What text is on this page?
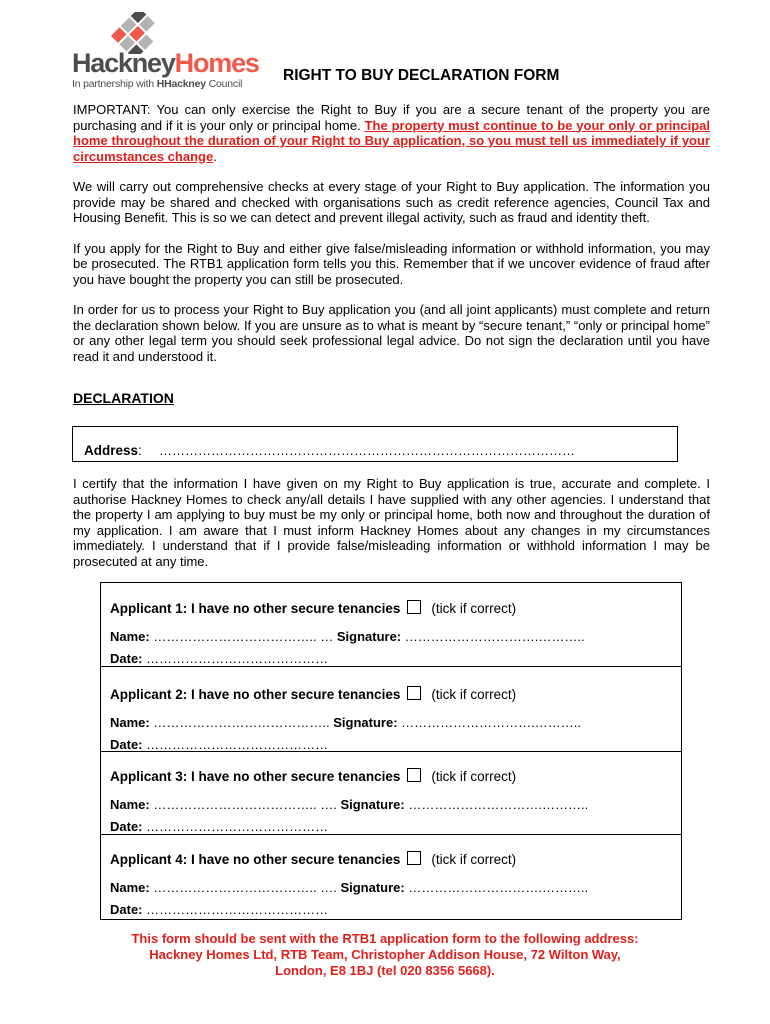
HackneyHomes
In partnership with HHackney Council	RIGHT TO BUY DECLARATION FORM

IMPORTANT: You can only exercise the Right to Buy if you are a secure tenant of the property you are purchasing and if it is your only or principal home. The property must continue to be your only or principal home throughout the duration of your Right to Buy application, so you must tell us immediately if your circumstances change.

We will carry out comprehensive checks at every stage of your Right to Buy application. The information you provide may be shared and checked with organisations such as credit reference agencies, Council Tax and Housing Benefit. This is so we can detect and prevent illegal activity, such as fraud and identity theft.

If you apply for the Right to Buy and either give false/misleading information or withhold information, you may be prosecuted. The RTB1 application form tells you this. Remember that if we uncover evidence of fraud after you have bought the property you can still be prosecuted.

In order for us to process your Right to Buy application you (and all joint applicants) must complete and return the declaration shown below. If you are unsure as to what is meant by “secure tenant,” “only or principal home” or any other legal term you should seek professional legal advice. Do not sign the declaration until you have read it and understood it.

DECLARATION
Address: ……………………………………………………………………………………
I certify that the information I have given on my Right to Buy application is true, accurate and complete. I authorise Hackney Homes to check any/all details I have supplied with any other agencies. I understand that the property I am applying to buy must be my only or principal home, both now and throughout the duration of my application. I am aware that I must inform Hackney Homes about any changes in my circumstances immediately. I understand that if I provide false/misleading information or withhold information I may be prosecuted at any time.
Applicant 1: I have no other secure tenancies (tick if correct)
Name: ……………………………….. … Signature: ………………………….………..
Date: ……………………………………
Applicant 2: I have no other secure tenancies (tick if correct)
Name: ………………………………….. Signature: ………………………….………..
Date: ……………………………………
Applicant 3: I have no other secure tenancies (tick if correct)
Name: ……………………………….. …. Signature: ………………………….………..
Date: ……………………………………
Applicant 4: I have no other secure tenancies (tick if correct)
Name: ……………………………….. …. Signature: ………………………….………..
Date: ……………………………………
This form should be sent with the RTB1 application form to the following address:
Hackney Homes Ltd, RTB Team, Christopher Addison House, 72 Wilton Way,
London, E8 1BJ (tel 020 8356 5668).
